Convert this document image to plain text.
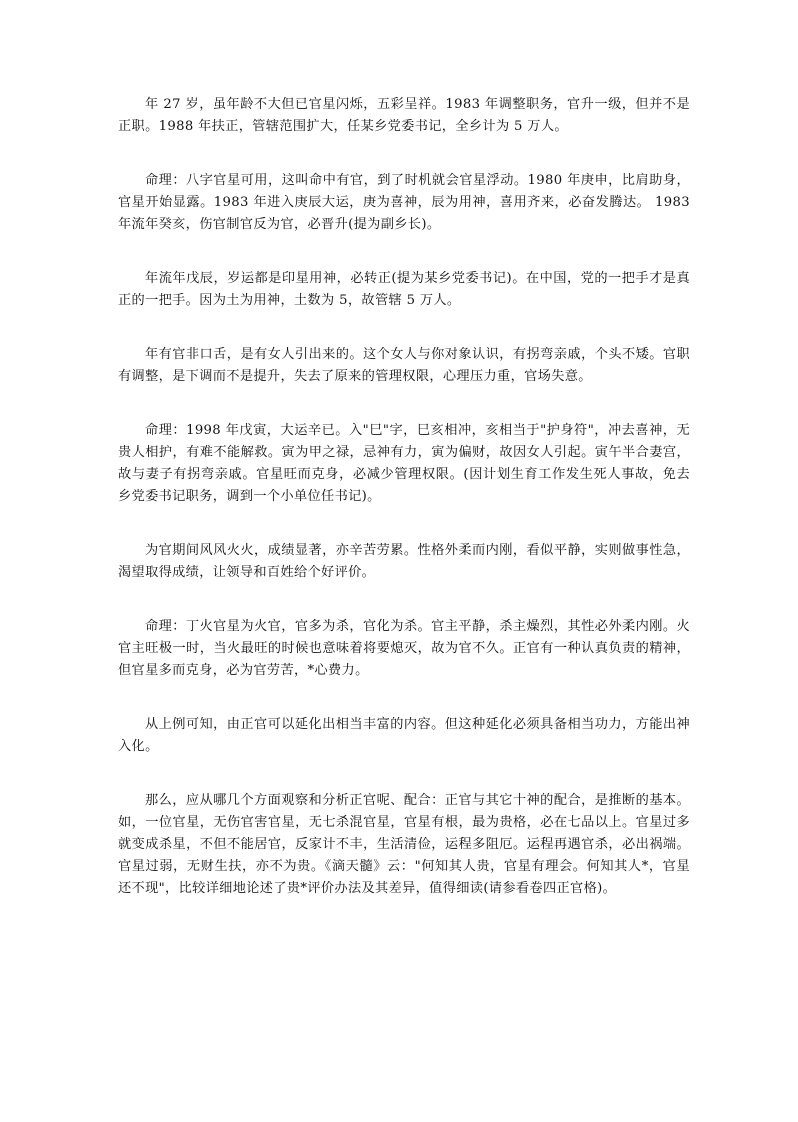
年 27 岁，虽年龄不大但已官星闪烁，五彩呈祥。1983 年调整职务，官升一级，但并不是正职。1988 年扶正，管辖范围扩大，任某乡党委书记，全乡计为 5 万人。

命理：八字官星可用，这叫命中有官，到了时机就会官星浮动。1980 年庚申，比肩助身，官星开始显露。1983 年进入庚辰大运，庚为喜神，辰为用神，喜用齐来，必奋发腾达。 1983 年流年癸亥，伤官制官反为官，必晋升(提为副乡长)。

年流年戊辰，岁运都是印星用神，必转正(提为某乡党委书记)。在中国，党的一把手才是真正的一把手。因为土为用神，土数为 5，故管辖 5 万人。

年有官非口舌，是有女人引出来的。这个女人与你对象认识，有拐弯亲戚，个头不矮。官职有调整，是下调而不是提升，失去了原来的管理权限，心理压力重，官场失意。

命理：1998 年戊寅，大运辛已。入"巳"字，巳亥相冲，亥相当于"护身符"，冲去喜神，无贵人相护，有难不能解救。寅为甲之禄，忌神有力，寅为偏财，故因女人引起。寅午半合妻宫，故与妻子有拐弯亲戚。官星旺而克身，必减少管理权限。(因计划生育工作发生死人事故，免去乡党委书记职务，调到一个小单位任书记)。

为官期间风风火火，成绩显著，亦辛苦劳累。性格外柔而内刚，看似平静，实则做事性急，渴望取得成绩，让领导和百姓给个好评价。

命理：丁火官星为火官，官多为杀，官化为杀。官主平静，杀主燥烈，其性必外柔内刚。火官主旺极一时，当火最旺的时候也意味着将要熄灭，故为官不久。正官有一种认真负责的精神，但官星多而克身，必为官劳苦，*心费力。

从上例可知，由正官可以延化出相当丰富的内容。但这种延化必须具备相当功力，方能出神入化。

那么，应从哪几个方面观察和分析正官呢、配合：正官与其它十神的配合，是推断的基本。如，一位官星，无伤官害官星，无七杀混官星，官星有根，最为贵格，必在七品以上。官星过多就变成杀星，不但不能居官，反家计不丰，生活清俭，运程多阻厄。运程再遇官杀，必出祸端。官星过弱，无财生扶，亦不为贵。《滴天髓》云："何知其人贵，官星有理会。何知其人*，官星还不现"，比较详细地论述了贵*评价办法及其差异，值得细读(请参看卷四正官格)。
